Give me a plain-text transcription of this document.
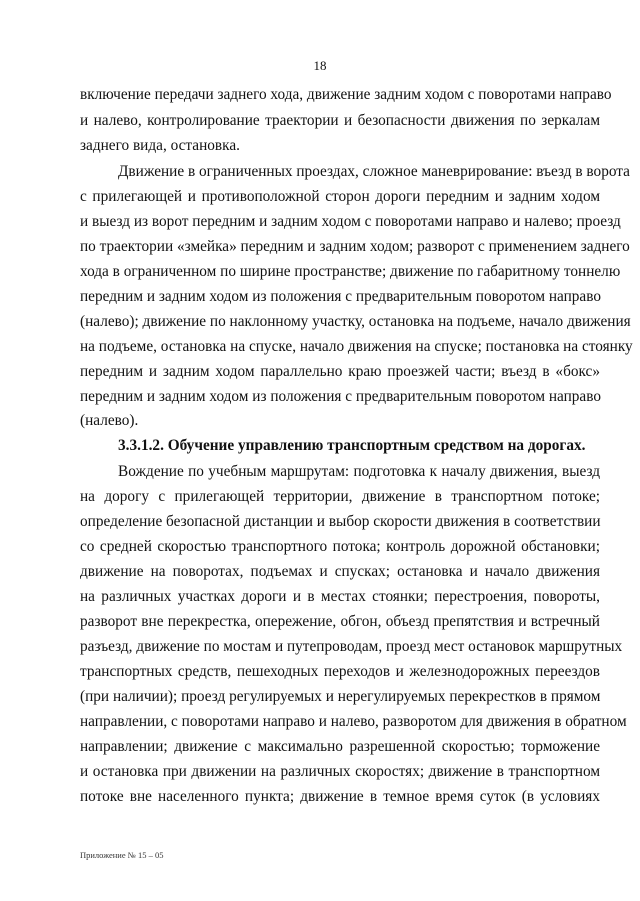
18
включение передачи заднего хода, движение задним ходом с поворотами направо
и налево, контролирование траектории и безопасности движения по зеркалам
заднего вида, остановка.
Движение в ограниченных проездах, сложное маневрирование: въезд в ворота
с прилегающей и противоположной сторон дороги передним и задним ходом
и выезд из ворот передним и задним ходом с поворотами направо и налево; проезд
по траектории «змейка» передним и задним ходом; разворот с применением заднего
хода в ограниченном по ширине пространстве; движение по габаритному тоннелю
передним и задним ходом из положения с предварительным поворотом направо
(налево); движение по наклонному участку, остановка на подъеме, начало движения
на подъеме, остановка на спуске, начало движения на спуске; постановка на стоянку
передним и задним ходом параллельно краю проезжей части; въезд в «бокс»
передним и задним ходом из положения с предварительным поворотом направо
(налево).
3.3.1.2. Обучение управлению транспортным средством на дорогах.
Вождение по учебным маршрутам: подготовка к началу движения, выезд
на дорогу с прилегающей территории, движение в транспортном потоке;
определение безопасной дистанции и выбор скорости движения в соответствии
со средней скоростью транспортного потока; контроль дорожной обстановки;
движение на поворотах, подъемах и спусках; остановка и начало движения
на различных участках дороги и в местах стоянки; перестроения, повороты,
разворот вне перекрестка, опережение, обгон, объезд препятствия и встречный
разъезд, движение по мостам и путепроводам, проезд мест остановок маршрутных
транспортных средств, пешеходных переходов и железнодорожных переездов
(при наличии); проезд регулируемых и нерегулируемых перекрестков в прямом
направлении, с поворотами направо и налево, разворотом для движения в обратном
направлении; движение с максимально разрешенной скоростью; торможение
и остановка при движении на различных скоростях; движение в транспортном
потоке вне населенного пункта; движение в темное время суток (в условиях
Приложение № 15 – 05
